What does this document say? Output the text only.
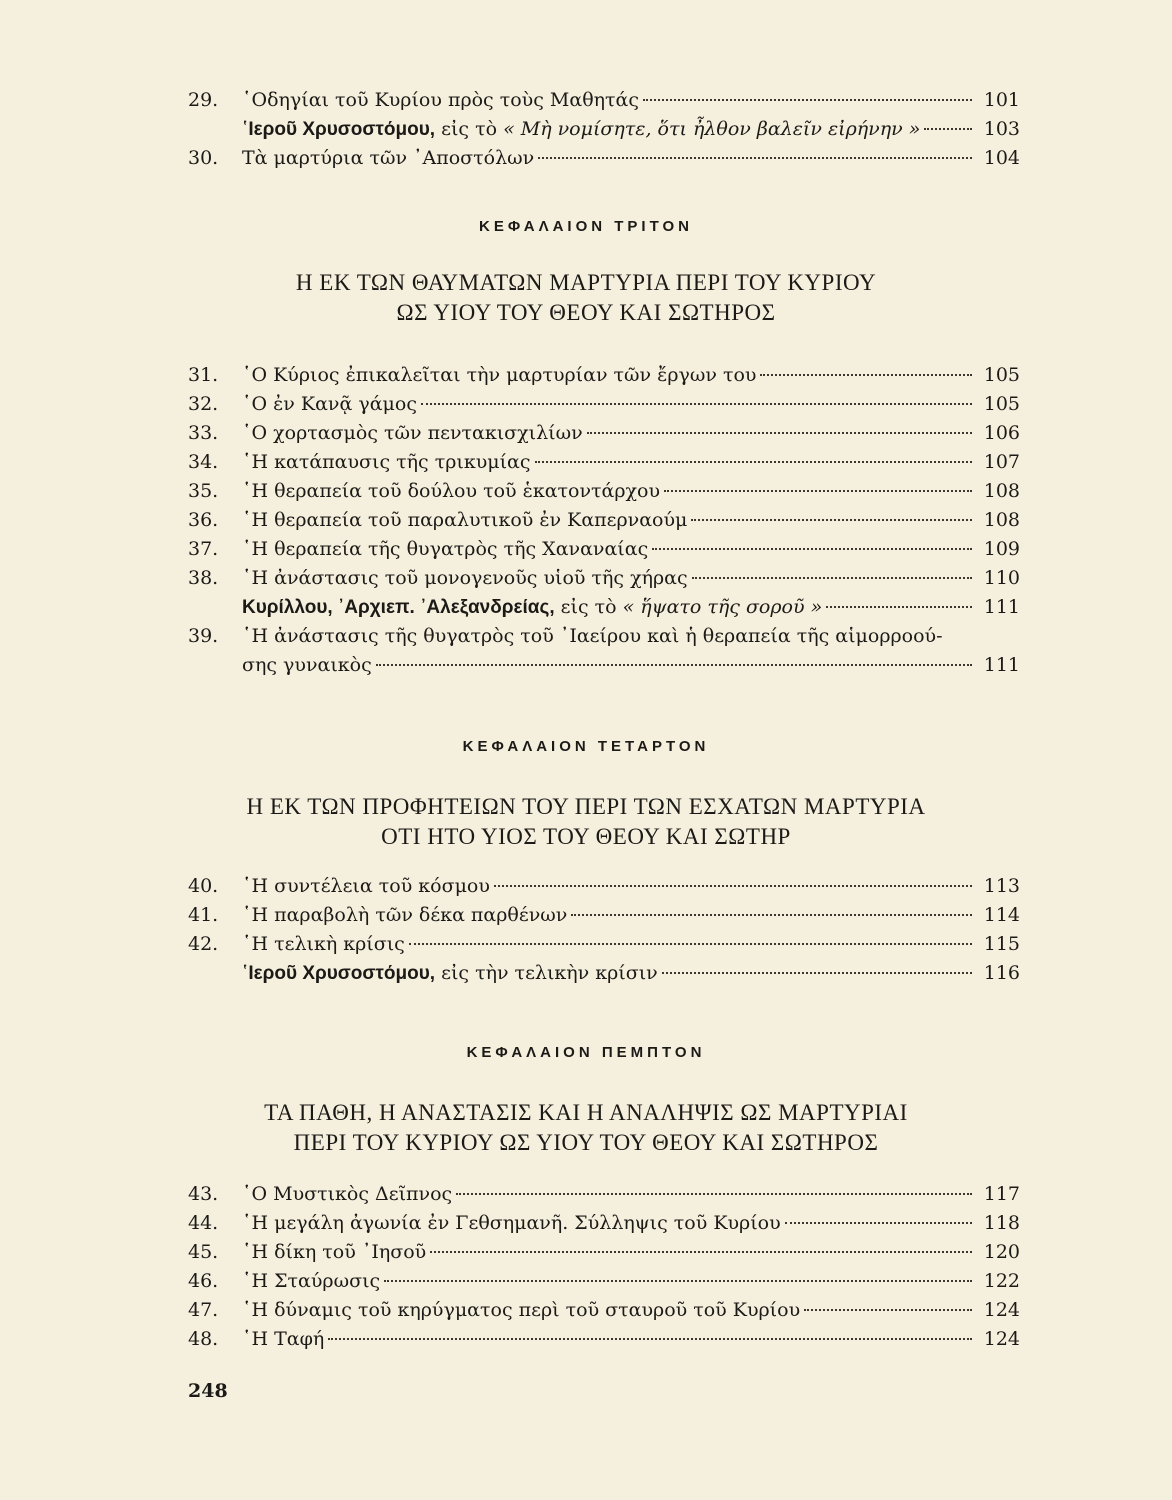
29.	῾Οδηγίαι τοῦ Κυρίου πρὸς τοὺς Μαθητάς	101
῾Ιεροῦ Χρυσοστόμου, εἰς τὸ « Μὴ νομίσητε, ὅτι ἦλθον βαλεῖν εἰρήνην »	103
30.	Τὰ μαρτύρια τῶν ᾿Αποστόλων	104
ΚΕΦΑΛΑΙΟΝ ΤΡΙΤΟΝ
Η ΕΚ ΤΩΝ ΘΑΥΜΑΤΩΝ ΜΑΡΤΥΡΙΑ ΠΕΡΙ ΤΟΥ ΚΥΡΙΟΥ
ΩΣ ΥΙΟΥ ΤΟΥ ΘΕΟΥ ΚΑΙ ΣΩΤΗΡΟΣ
31.	῾Ο Κύριος ἐπικαλεῖται τὴν μαρτυρίαν τῶν ἔργων του	105
32.	῾Ο ἐν Κανᾷ γάμος	105
33.	῾Ο χορτασμὸς τῶν πεντακισχιλίων	106
34.	῾Η κατάπαυσις τῆς τρικυμίας	107
35.	῾Η θεραπεία τοῦ δούλου τοῦ ἑκατοντάρχου	108
36.	῾Η θεραπεία τοῦ παραλυτικοῦ ἐν Καπερναούμ	108
37.	῾Η θεραπεία τῆς θυγατρὸς τῆς Χαναναίας	109
38.	῾Η ἀνάστασις τοῦ μονογενοῦς υἱοῦ τῆς χήρας	110
Κυρίλλου, ᾿Αρχιεπ. ᾿Αλεξανδρείας, εἰς τὸ « ἥψατο τῆς σοροῦ »	111
39.	῾Η ἀνάστασις τῆς θυγατρὸς τοῦ ᾿Ιαείρου καὶ ἡ θεραπεία τῆς αἱμορροού-
σης γυναικὸς	111
ΚΕΦΑΛΑΙΟΝ ΤΕΤΑΡΤΟΝ
Η ΕΚ ΤΩΝ ΠΡΟΦΗΤΕΙΩΝ ΤΟΥ ΠΕΡΙ ΤΩΝ ΕΣΧΑΤΩΝ ΜΑΡΤΥΡΙΑ
ΟΤΙ ΗΤΟ ΥΙΟΣ ΤΟΥ ΘΕΟΥ ΚΑΙ ΣΩΤΗΡ
40.	῾Η συντέλεια τοῦ κόσμου	113
41.	῾Η παραβολὴ τῶν δέκα παρθένων	114
42.	῾Η τελικὴ κρίσις	115
῾Ιεροῦ Χρυσοστόμου, εἰς τὴν τελικὴν κρίσιν	116
ΚΕΦΑΛΑΙΟΝ ΠΕΜΠΤΟΝ
ΤΑ ΠΑΘΗ, Η ΑΝΑΣΤΑΣΙΣ ΚΑΙ Η ΑΝΑΛΗΨΙΣ ΩΣ ΜΑΡΤΥΡΙΑΙ
ΠΕΡΙ ΤΟΥ ΚΥΡΙΟΥ ΩΣ ΥΙΟΥ ΤΟΥ ΘΕΟΥ ΚΑΙ ΣΩΤΗΡΟΣ
43.	῾Ο Μυστικὸς Δεῖπνος	117
44.	῾Η μεγάλη ἀγωνία ἐν Γεθσημανῆ. Σύλληψις τοῦ Κυρίου	118
45.	῾Η δίκη τοῦ ᾿Ιησοῦ	120
46.	῾Η Σταύρωσις	122
47.	῾Η δύναμις τοῦ κηρύγματος περὶ τοῦ σταυροῦ τοῦ Κυρίου	124
48.	῾Η Ταφή	124
248
